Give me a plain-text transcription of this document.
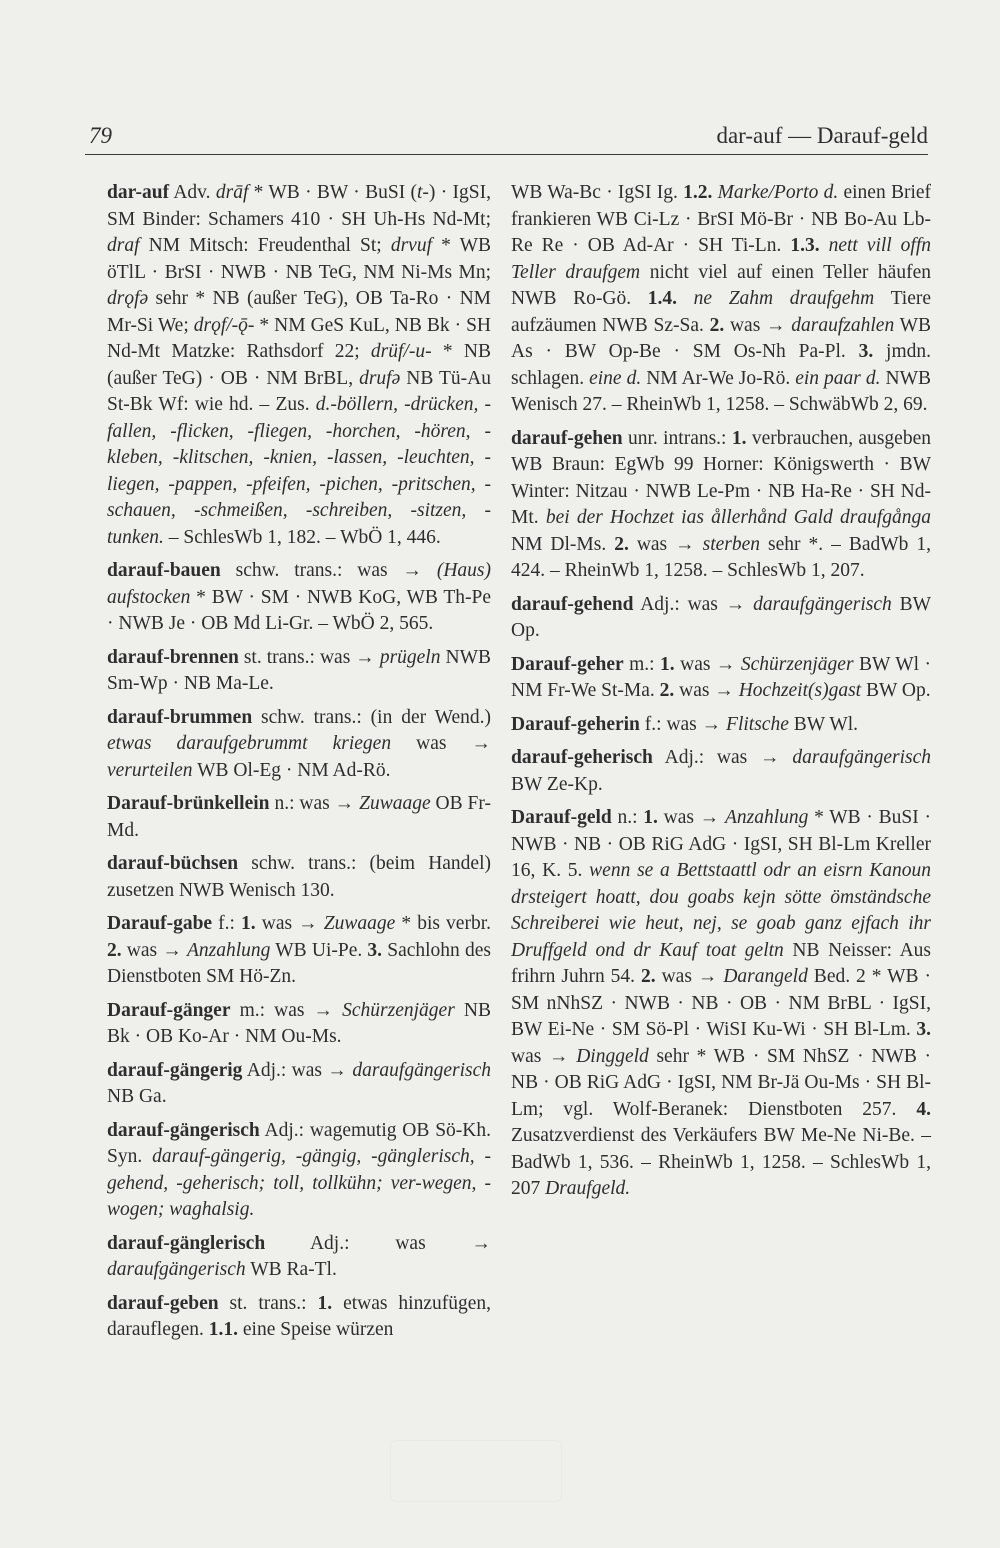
79	dar-auf — Darauf-geld

dar-auf Adv. drāf * WB · BW · BuSI (t-) · IgSI, SM Binder: Schamers 410 · SH Uh-Hs Nd-Mt; draf NM Mitsch: Freudenthal St; drvuf * WB öTlL · BrSI · NWB · NB TeG, NM Ni-Ms Mn; drǫfə sehr * NB (außer TeG), OB Ta-Ro · NM Mr-Si We; drǫf/-ǭ- * NM GeS KuL, NB Bk · SH Nd-Mt Matzke: Rathsdorf 22; drüf/-u- * NB (außer TeG) · OB · NM BrBL, drufə NB Tü-Au St-Bk Wf: wie hd. – Zus. d.-böllern, -drücken, -fallen, -flicken, -fliegen, -horchen, -hören, -kleben, -klitschen, -knien, -lassen, -leuchten, -liegen, -pappen, -pfeifen, -pichen, -pritschen, -schauen, -schmeißen, -schreiben, -sitzen, -tunken. – SchlesWb 1, 182. – WbÖ 1, 446.

darauf-bauen schw. trans.: was → (Haus) aufstocken * BW · SM · NWB KoG, WB Th-Pe · NWB Je · OB Md Li-Gr. – WbÖ 2, 565.

darauf-brennen st. trans.: was → prügeln NWB Sm-Wp · NB Ma-Le.

darauf-brummen schw. trans.: (in der Wend.) etwas daraufgebrummt kriegen was → verurteilen WB Ol-Eg · NM Ad-Rö.

Darauf-brünkellein n.: was → Zuwaage OB Fr-Md.

darauf-büchsen schw. trans.: (beim Handel) zusetzen NWB Wenisch 130.

Darauf-gabe f.: 1. was → Zuwaage * bis verbr. 2. was → Anzahlung WB Ui-Pe. 3. Sachlohn des Dienstboten SM Hö-Zn.

Darauf-gänger m.: was → Schürzenjäger NB Bk · OB Ko-Ar · NM Ou-Ms.

darauf-gängerig Adj.: was → daraufgängerisch NB Ga.

darauf-gängerisch Adj.: wagemutig OB Sö-Kh. Syn. darauf-gängerig, -gängig, -gänglerisch, -gehend, -geherisch; toll, tollkühn; ver-wegen, -wogen; waghalsig.

darauf-gänglerisch Adj.: was → daraufgängerisch WB Ra-Tl.

darauf-geben st. trans.: 1. etwas hinzufügen, darauflegen. 1.1. eine Speise würzen

WB Wa-Bc · IgSI Ig. 1.2. Marke/Porto d. einen Brief frankieren WB Ci-Lz · BrSI Mö-Br · NB Bo-Au Lb-Re Re · OB Ad-Ar · SH Ti-Ln. 1.3. nett vill offn Teller draufgem nicht viel auf einen Teller häufen NWB Ro-Gö. 1.4. ne Zahm draufgehm Tiere aufzäumen NWB Sz-Sa. 2. was → daraufzahlen WB As · BW Op-Be · SM Os-Nh Pa-Pl. 3. jmdn. schlagen. eine d. NM Ar-We Jo-Rö. ein paar d. NWB Wenisch 27. – RheinWb 1, 1258. – SchwäbWb 2, 69.

darauf-gehen unr. intrans.: 1. verbrauchen, ausgeben WB Braun: EgWb 99 Horner: Königswerth · BW Winter: Nitzau · NWB Le-Pm · NB Ha-Re · SH Nd-Mt. bei der Hochzet ias ållerhånd Gald draufgånga NM Dl-Ms. 2. was → sterben sehr *. – BadWb 1, 424. – RheinWb 1, 1258. – SchlesWb 1, 207.

darauf-gehend Adj.: was → daraufgängerisch BW Op.

Darauf-geher m.: 1. was → Schürzenjäger BW Wl · NM Fr-We St-Ma. 2. was → Hochzeit(s)gast BW Op.

Darauf-geherin f.: was → Flitsche BW Wl.

darauf-geherisch Adj.: was → daraufgängerisch BW Ze-Kp.

Darauf-geld n.: 1. was → Anzahlung * WB · BuSI · NWB · NB · OB RiG AdG · IgSI, SH Bl-Lm Kreller 16, K. 5. wenn se a Bettstaattl odr an eisrn Kanoun drsteigert hoatt, dou goabs kejn sötte ömständsche Schreiberei wie heut, nej, se goab ganz ejfach ihr Druffgeld ond dr Kauf toat geltn NB Neisser: Aus frihrn Juhrn 54. 2. was → Darangeld Bed. 2 * WB · SM nNhSZ · NWB · NB · OB · NM BrBL · IgSI, BW Ei-Ne · SM Sö-Pl · WiSI Ku-Wi · SH Bl-Lm. 3. was → Dinggeld sehr * WB · SM NhSZ · NWB · NB · OB RiG AdG · IgSI, NM Br-Jä Ou-Ms · SH Bl-Lm; vgl. Wolf-Beranek: Dienstboten 257. 4. Zusatzverdienst des Verkäufers BW Me-Ne Ni-Be. – BadWb 1, 536. – RheinWb 1, 1258. – SchlesWb 1, 207 Draufgeld.
